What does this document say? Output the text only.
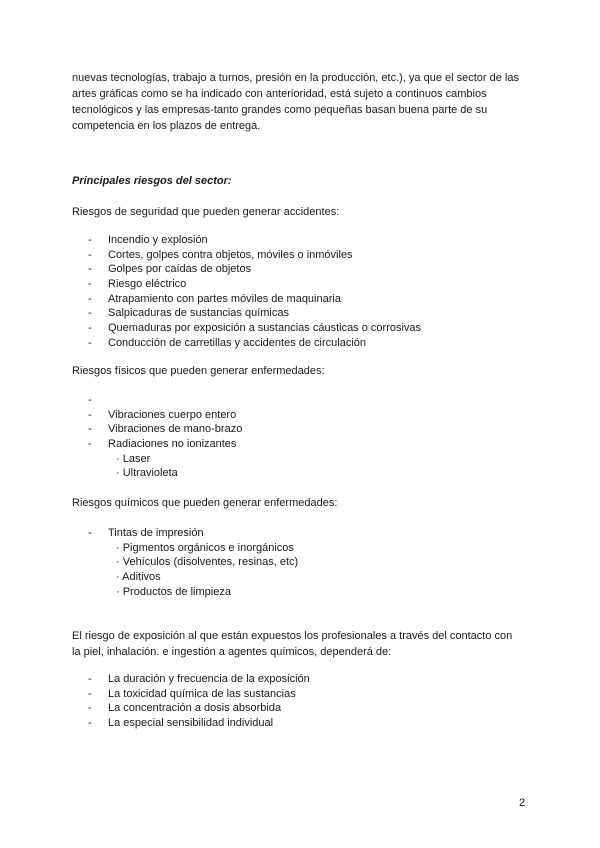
nuevas tecnologías, trabajo a turnos, presión en la producción, etc.), ya que el sector de las
artes gráficas como se ha indicado con anterioridad, está sujeto a continuos cambios
tecnológicos y las empresas-tanto grandes como pequeñas basan buena parte de su
competencia en los plazos de entrega.

Principales riesgos del sector:

Riesgos de seguridad que pueden generar accidentes:

- Incendio y explosión
- Cortes, golpes contra objetos, móviles o inmóviles
- Golpes por caídas de objetos
- Riesgo eléctrico
- Atrapamiento con partes móviles de maquinaria
- Salpicaduras de sustancias químicas
- Quemaduras por exposición a sustancias cáusticas o corrosivas
- Conducción de carretillas y accidentes de circulación

Riesgos físicos que pueden generar enfermedades:

-
- Vibraciones cuerpo entero
- Vibraciones de mano-brazo
- Radiaciones no ionizantes
· Laser
· Ultravioleta

Riesgos químicos que pueden generar enfermedades:

- Tintas de impresión
· Pigmentos orgánicos e inorgánicos
· Vehículos (disolventes, resinas, etc)
· Aditivos
· Productos de limpieza

El riesgo de exposición al que están expuestos los profesionales a través del contacto con
la piel, inhalación. e ingestión a agentes químicos, dependerá de:

- La duración y frecuencia de la exposición
- La toxicidad química de las sustancias
- La concentración a dosis absorbida
- La especial sensibilidad individual

2
